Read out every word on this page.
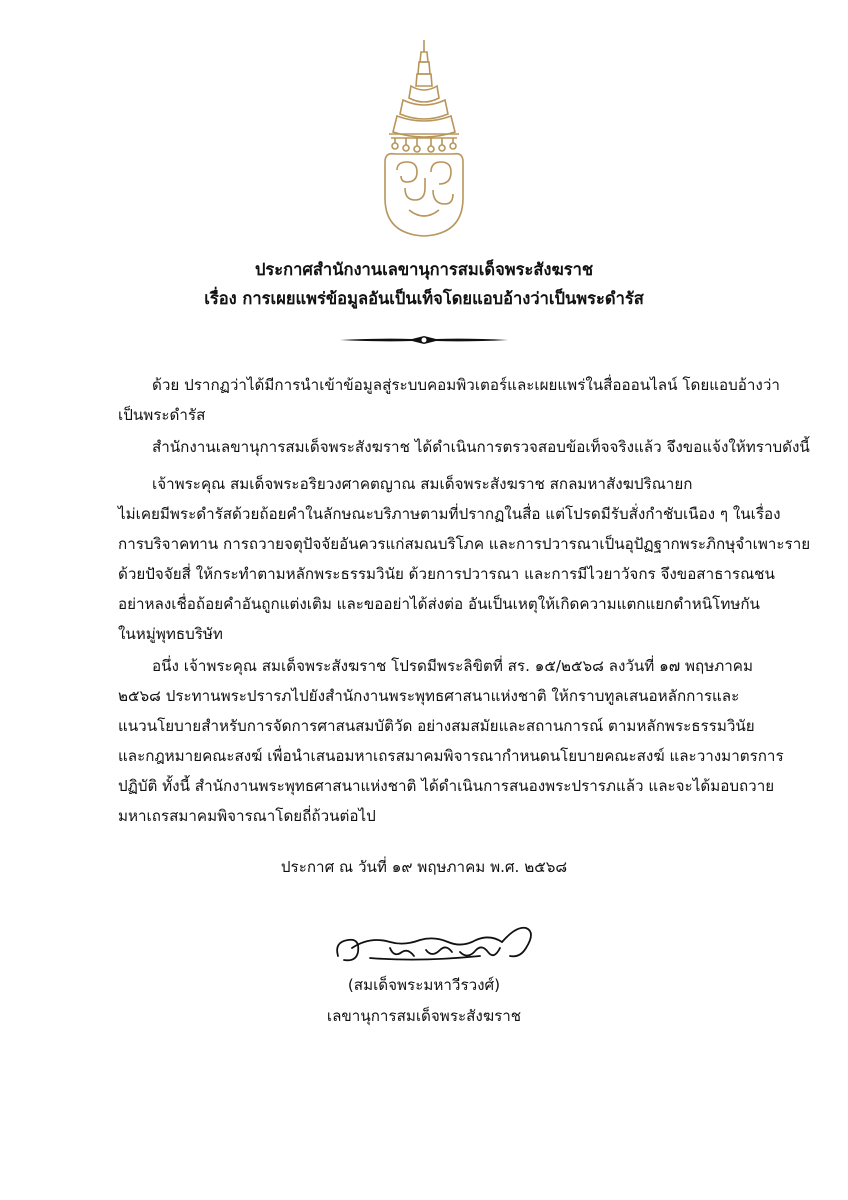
ประกาศสำนักงานเลขานุการสมเด็จพระสังฆราช
เรื่อง การเผยแพร่ข้อมูลอันเป็นเท็จโดยแอบอ้างว่าเป็นพระดำรัส
ด้วย ปรากฏว่าได้มีการนำเข้าข้อมูลสู่ระบบคอมพิวเตอร์และเผยแพร่ในสื่อออนไลน์ โดยแอบอ้างว่า
เป็นพระดำรัส
สำนักงานเลขานุการสมเด็จพระสังฆราช ได้ดำเนินการตรวจสอบข้อเท็จจริงแล้ว จึงขอแจ้งให้ทราบดังนี้
เจ้าพระคุณ สมเด็จพระอริยวงศาคตญาณ สมเด็จพระสังฆราช สกลมหาสังฆปริณายก
ไม่เคยมีพระดำรัสด้วยถ้อยคำในลักษณะบริภาษตามที่ปรากฏในสื่อ แต่โปรดมีรับสั่งกำชับเนือง ๆ ในเรื่อง
การบริจาคทาน การถวายจตุปัจจัยอันควรแก่สมณบริโภค และการปวารณาเป็นอุปัฏฐากพระภิกษุจำเพาะราย
ด้วยปัจจัยสี่ ให้กระทำตามหลักพระธรรมวินัย ด้วยการปวารณา และการมีไวยาวัจกร จึงขอสาธารณชน
อย่าหลงเชื่อถ้อยคำอันถูกแต่งเติม และขออย่าได้ส่งต่อ อันเป็นเหตุให้เกิดความแตกแยกตำหนิโทษกัน
ในหมู่พุทธบริษัท
อนึ่ง เจ้าพระคุณ สมเด็จพระสังฆราช โปรดมีพระลิขิตที่ สร. ๑๕/๒๕๖๘ ลงวันที่ ๑๗ พฤษภาคม
๒๕๖๘ ประทานพระปรารภไปยังสำนักงานพระพุทธศาสนาแห่งชาติ ให้กราบทูลเสนอหลักการและ
แนวนโยบายสำหรับการจัดการศาสนสมบัติวัด อย่างสมสมัยและสถานการณ์ ตามหลักพระธรรมวินัย
และกฎหมายคณะสงฆ์ เพื่อนำเสนอมหาเถรสมาคมพิจารณากำหนดนโยบายคณะสงฆ์ และวางมาตรการ
ปฏิบัติ ทั้งนี้ สำนักงานพระพุทธศาสนาแห่งชาติ ได้ดำเนินการสนองพระปรารภแล้ว และจะได้มอบถวาย
มหาเถรสมาคมพิจารณาโดยถี่ถ้วนต่อไป
ประกาศ ณ วันที่ ๑๙ พฤษภาคม พ.ศ. ๒๕๖๘
(สมเด็จพระมหาวีรวงศ์)
เลขานุการสมเด็จพระสังฆราช
